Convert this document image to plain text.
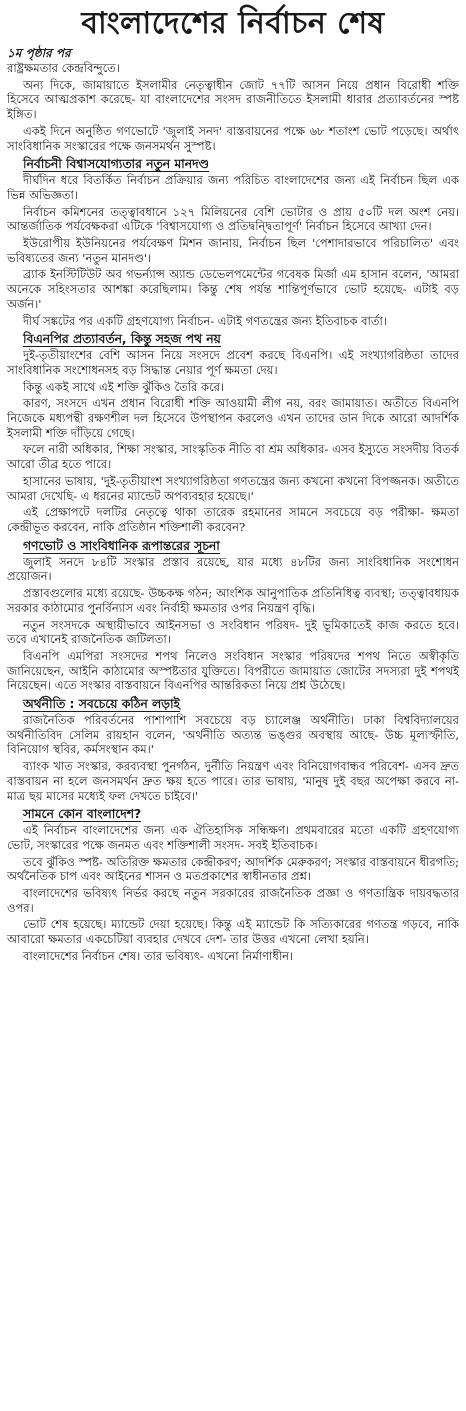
বাংলাদেশের নির্বাচন শেষ
১ম পৃষ্ঠার পর

রাষ্ট্রক্ষমতার কেন্দ্রবিন্দুতে।

অন্য দিকে, জামায়াতে ইসলামীর নেতৃত্বাধীন জোট ৭৭টি আসন নিয়ে প্রধান বিরোধী শক্তি হিসেবে আত্মপ্রকাশ করেছে- যা বাংলাদেশের সংসদ রাজনীতিতে ইসলামী ধারার প্রত্যাবর্তনের স্পষ্ট ইঙ্গিত।

একই দিনে অনুষ্ঠিত গণভোটে 'জুলাই সনদ' বাস্তবায়নের পক্ষে ৬৮ শতাংশ ভোট পড়েছে। অর্থাৎ সাংবিধানিক সংস্কারের পক্ষে জনসমর্থন সুস্পষ্ট।

নির্বাচনী বিশ্বাসযোগ্যতার নতুন মানদণ্ড

দীর্ঘদিন ধরে বিতর্কিত নির্বাচন প্রক্রিয়ার জন্য পরিচিত বাংলাদেশের জন্য এই নির্বাচন ছিল এক ভিন্ন অভিজ্ঞতা।

নির্বাচন কমিশনের তত্ত্বাবধানে ১২৭ মিলিয়নের বেশি ভোটার ও প্রায় ৫০টি দল অংশ নেয়। আন্তর্জাতিক পর্যবেক্ষকরা এটিকে 'বিশ্বাসযোগ্য ও প্রতিদ্বন্দ্বিতাপূর্ণ' নির্বাচন হিসেবে আখ্যা দেন।

ইউরোপীয় ইউনিয়নের পর্যবেক্ষণ মিশন জানায়, নির্বাচন ছিল 'পেশাদারভাবে পরিচালিত' এবং ভবিষ্যতের জন্য 'নতুন মানদণ্ড'।

ব্র্যাক ইনস্টিটিউট অব গভর্ন্যান্স অ্যান্ড ডেভেলপমেন্টের গবেষক মির্জা এম হাসান বলেন, 'আমরা অনেকে সহিংসতার আশঙ্কা করেছিলাম। কিন্তু শেষ পর্যন্ত শান্তিপূর্ণভাবে ভোট হয়েছে- এটাই বড় অর্জন।'

দীর্ঘ সঙ্কটের পর একটি গ্রহণযোগ্য নির্বাচন- এটাই গণতন্ত্রের জন্য ইতিবাচক বার্তা।

বিএনপির প্রত্যাবর্তন, কিন্তু সহজ পথ নয়

দুই-তৃতীয়াংশের বেশি আসন নিয়ে সংসদে প্রবেশ করছে বিএনপি। এই সংখ্যাগরিষ্ঠতা তাদের সাংবিধানিক সংশোধনসহ বড় সিদ্ধান্ত নেয়ার পূর্ণ ক্ষমতা দেয়।

কিন্তু একই সাথে এই শক্তি ঝুঁকিও তৈরি করে।

কারণ, সংসদে এখন প্রধান বিরোধী শক্তি আওয়ামী লীগ নয়, বরং জামায়াত। অতীতে বিএনপি নিজেকে মধ্যপন্থী রক্ষণশীল দল হিসেবে উপস্থাপন করলেও এখন তাদের ডান দিকে আরো আদর্শিক ইসলামী শক্তি দাঁড়িয়ে গেছে।

ফলে নারী অধিকার, শিক্ষা সংস্কার, সাংস্কৃতিক নীতি বা শ্রম অধিকার- এসব ইস্যুতে সংসদীয় বিতর্ক আরো তীব্র হতে পারে।

হাসানের ভাষায়, 'দুই-তৃতীয়াংশ সংখ্যাগরিষ্ঠতা গণতন্ত্রের জন্য কখনো কখনো বিপজ্জনক। অতীতে আমরা দেখেছি- এ ধরনের ম্যান্ডেট অপব্যবহার হয়েছে।'

এই প্রেক্ষাপটে দলটির নেতৃত্বে থাকা তারেক রহমানের সামনে সবচেয়ে বড় পরীক্ষা- ক্ষমতা কেন্দ্রীভূত করবেন, নাকি প্রতিষ্ঠান শক্তিশালী করবেন?

গণভোট ও সাংবিধানিক রূপান্তরের সূচনা

জুলাই সনদে ৮৪টি সংস্কার প্রস্তাব রয়েছে, যার মধ্যে ৪৮টির জন্য সাংবিধানিক সংশোধন প্রয়োজন।

প্রস্তাবগুলোর মধ্যে রয়েছে- উচ্চকক্ষ গঠন; আংশিক আনুপাতিক প্রতিনিধিত্ব ব্যবস্থা; তত্ত্বাবধায়ক সরকার কাঠামোর পুনর্বিন্যাস এবং নির্বাহী ক্ষমতার ওপর নিয়ন্ত্রণ বৃদ্ধি।

নতুন সংসদকে অস্থায়ীভাবে আইনসভা ও সংবিধান পরিষদ- দুই ভূমিকাতেই কাজ করতে হবে। তবে এখানেই রাজনৈতিক জটিলতা।

বিএনপি এমপিরা সংসদের শপথ নিলেও সংবিধান সংস্কার পরিষদের শপথ নিতে অস্বীকৃতি জানিয়েছেন, আইনি কাঠামোর অস্পষ্টতার যুক্তিতে। বিপরীতে জামায়াত জোটের সদস্যরা দুই শপথই নিয়েছেন। এতে সংস্কার বাস্তবায়নে বিএনপির আন্তরিকতা নিয়ে প্রশ্ন উঠেছে।

অর্থনীতি : সবচেয়ে কঠিন লড়াই

রাজনৈতিক পরিবর্তনের পাশাপাশি সবচেয়ে বড় চ্যালেঞ্জ অর্থনীতি। ঢাকা বিশ্ববিদ্যালয়ের অর্থনীতিবিদ সেলিম রায়হান বলেন, 'অর্থনীতি অত্যন্ত ভঙ্গুর অবস্থায় আছে- উচ্চ মূল্যস্ফীতি, বিনিয়োগ স্থবির, কর্মসংস্থান কম।'

ব্যাংক খাত সংস্কার, করব্যবস্থা পুনর্গঠন, দুর্নীতি নিয়ন্ত্রণ এবং বিনিয়োগবান্ধব পরিবেশ- এসব দ্রুত বাস্তবায়ন না হলে জনসমর্থন দ্রুত ক্ষয় হতে পারে। তার ভাষায়, 'মানুষ দুই বছর অপেক্ষা করবে না- মাত্র ছয় মাসের মধ্যেই ফল দেখতে চাইবে।'

সামনে কোন বাংলাদেশ?

এই নির্বাচন বাংলাদেশের জন্য এক ঐতিহাসিক সন্ধিক্ষণ। প্রথমবারের মতো একটি গ্রহণযোগ্য ভোট, সংস্কারের পক্ষে জনমত এবং শক্তিশালী সংসদ- সবই ইতিবাচক।

তবে ঝুঁকিও স্পষ্ট- অতিরিক্ত ক্ষমতার কেন্দ্রীকরণ; আদর্শিক মেরুকরণ; সংস্কার বাস্তবায়নে ধীরগতি; অর্থনৈতিক চাপ এবং আইনের শাসন ও মতপ্রকাশের স্বাধীনতার প্রশ্ন।

বাংলাদেশের ভবিষ্যৎ নির্ভর করছে নতুন সরকারের রাজনৈতিক প্রজ্ঞা ও গণতান্ত্রিক দায়বদ্ধতার ওপর।

ভোট শেষ হয়েছে। ম্যান্ডেট দেয়া হয়েছে। কিন্তু এই ম্যান্ডেট কি সত্যিকারের গণতন্ত্র গড়বে, নাকি আবারো ক্ষমতার একচেটিয়া ব্যবহার দেখবে দেশ- তার উত্তর এখনো লেখা হয়নি।

বাংলাদেশের নির্বাচন শেষ। তার ভবিষ্যৎ- এখনো নির্মাণাধীন।
